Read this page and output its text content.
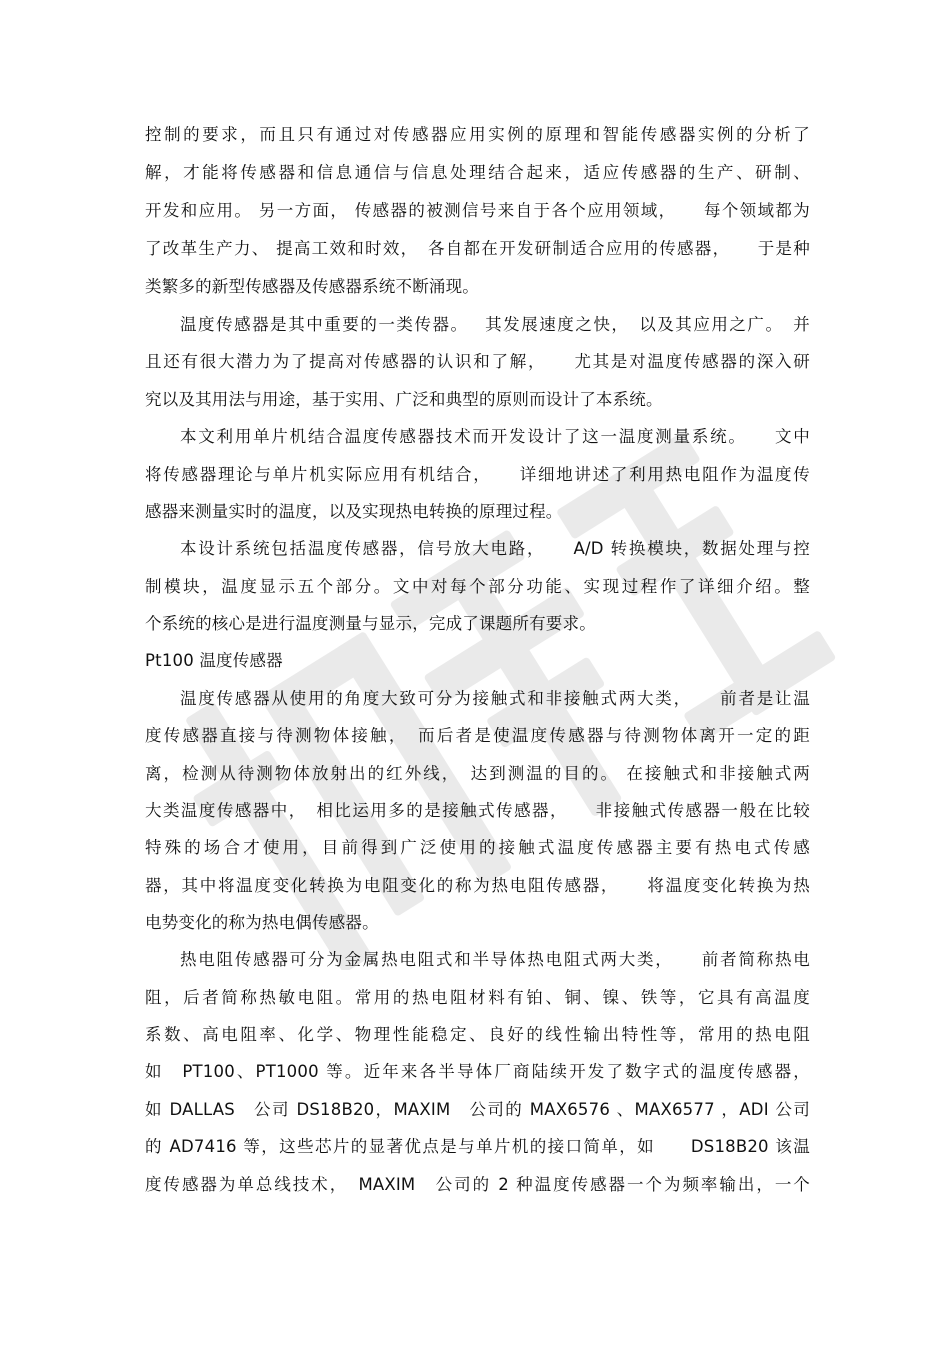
控制的要求，而且只有通过对传感器应用实例的原理和智能传感器实例的分析了
解，才能将传感器和信息通信与信息处理结合起来，适应传感器的生产、研制、
开发和应用。 另一方面， 传感器的被测信号来自于各个应用领域，　　每个领域都为
了改革生产力、 提高工效和时效，　各自都在开发研制适合应用的传感器，　　于是种
类繁多的新型传感器及传感器系统不断涌现。
温度传感器是其中重要的一类传器。　 其发展速度之快，　以及其应用之广。　并
且还有很大潜力为了提高对传感器的认识和了解，　　尤其是对温度传感器的深入研
究以及其用法与用途，基于实用、广泛和典型的原则而设计了本系统。
本文利用单片机结合温度传感器技术而开发设计了这一温度测量系统。　　文中
将传感器理论与单片机实际应用有机结合，　　详细地讲述了利用热电阻作为温度传
感器来测量实时的温度，以及实现热电转换的原理过程。
本设计系统包括温度传感器，信号放大电路，　　A/D 转换模块，数据处理与控
制模块，温度显示五个部分。文中对每个部分功能、实现过程作了详细介绍。整
个系统的核心是进行温度测量与显示，完成了课题所有要求。
Pt100 温度传感器
温度传感器从使用的角度大致可分为接触式和非接触式两大类，　　前者是让温
度传感器直接与待测物体接触，　而后者是使温度传感器与待测物体离开一定的距
离，检测从待测物体放射出的红外线，　达到测温的目的。 在接触式和非接触式两
大类温度传感器中，　相比运用多的是接触式传感器，　　非接触式传感器一般在比较
特殊的场合才使用，目前得到广泛使用的接触式温度传感器主要有热电式传感
器，其中将温度变化转换为电阻变化的称为热电阻传感器，　　将温度变化转换为热
电势变化的称为热电偶传感器。
热电阻传感器可分为金属热电阻式和半导体热电阻式两大类，　　前者简称热电
阻，后者简称热敏电阻。常用的热电阻材料有铂、铜、镍、铁等，它具有高温度
系数、高电阻率、化学、物理性能稳定、良好的线性输出特性等，常用的热电阻
如　PT100、PT1000 等。近年来各半导体厂商陆续开发了数字式的温度传感器，
如 DALLAS　公司 DS18B20，MAXIM　公司的 MAX6576 、MAX6577 ，ADI 公司
的 AD7416 等，这些芯片的显著优点是与单片机的接口简单，如　　DS18B20 该温
度传感器为单总线技术，　MAXIM　公司的 2 种温度传感器一个为频率输出，一个
